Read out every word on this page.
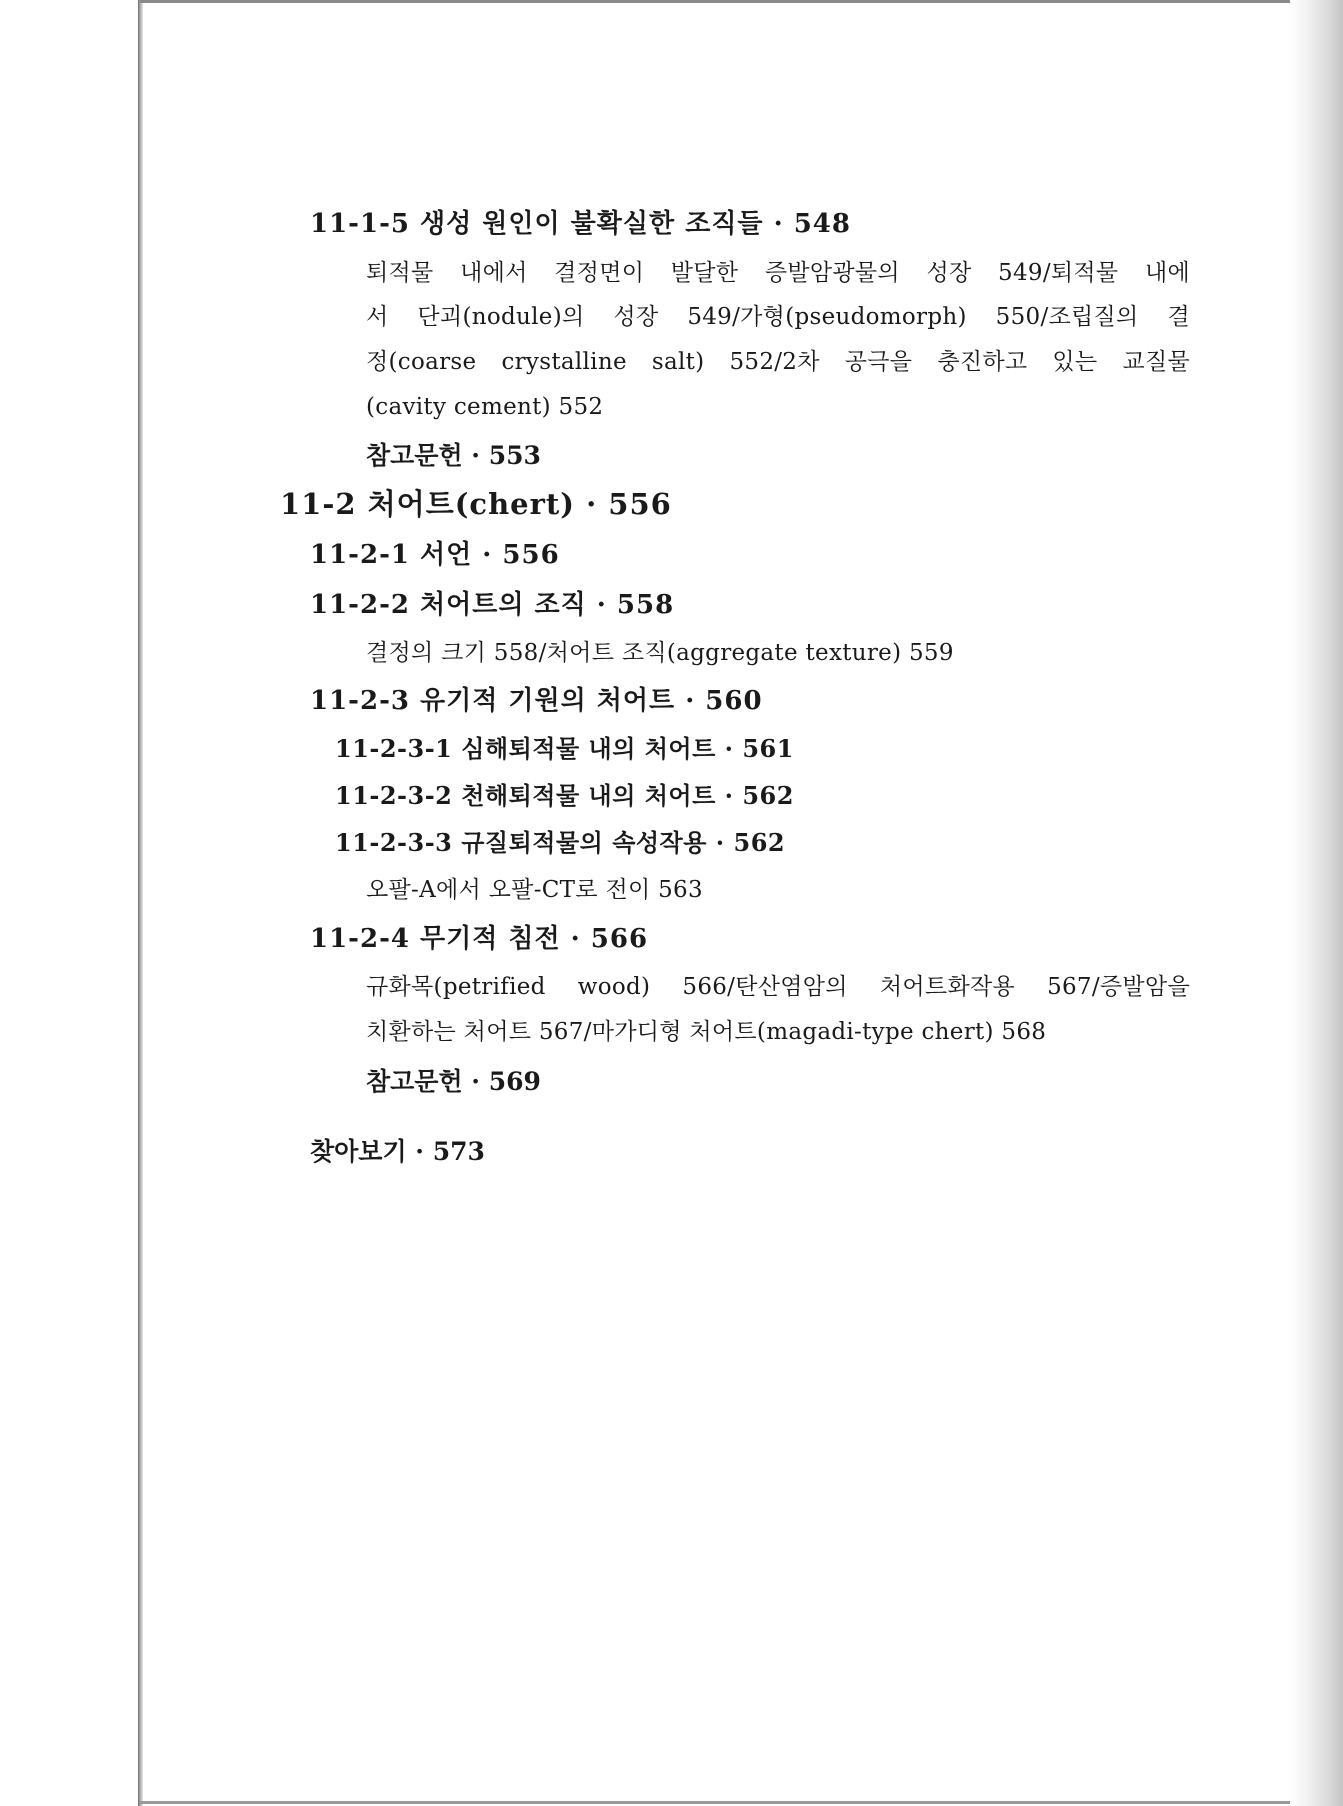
11-1-5 생성 원인이 불확실한 조직들 · 548
퇴적물 내에서 결정면이 발달한 증발암광물의 성장 549/퇴적물 내에
서 단괴(nodule)의 성장 549/가형(pseudomorph) 550/조립질의 결
정(coarse crystalline salt) 552/2차 공극을 충진하고 있는 교질물
(cavity cement) 552
참고문헌 · 553
11-2 처어트(chert) · 556
11-2-1 서언 · 556
11-2-2 처어트의 조직 · 558
결정의 크기 558/처어트 조직(aggregate texture) 559
11-2-3 유기적 기원의 처어트 · 560
11-2-3-1 심해퇴적물 내의 처어트 · 561
11-2-3-2 천해퇴적물 내의 처어트 · 562
11-2-3-3 규질퇴적물의 속성작용 · 562
오팔-A에서 오팔-CT로 전이 563
11-2-4 무기적 침전 · 566
규화목(petrified wood) 566/탄산염암의 처어트화작용 567/증발암을
치환하는 처어트 567/마가디형 처어트(magadi-type chert) 568
참고문헌 · 569
찾아보기 · 573
